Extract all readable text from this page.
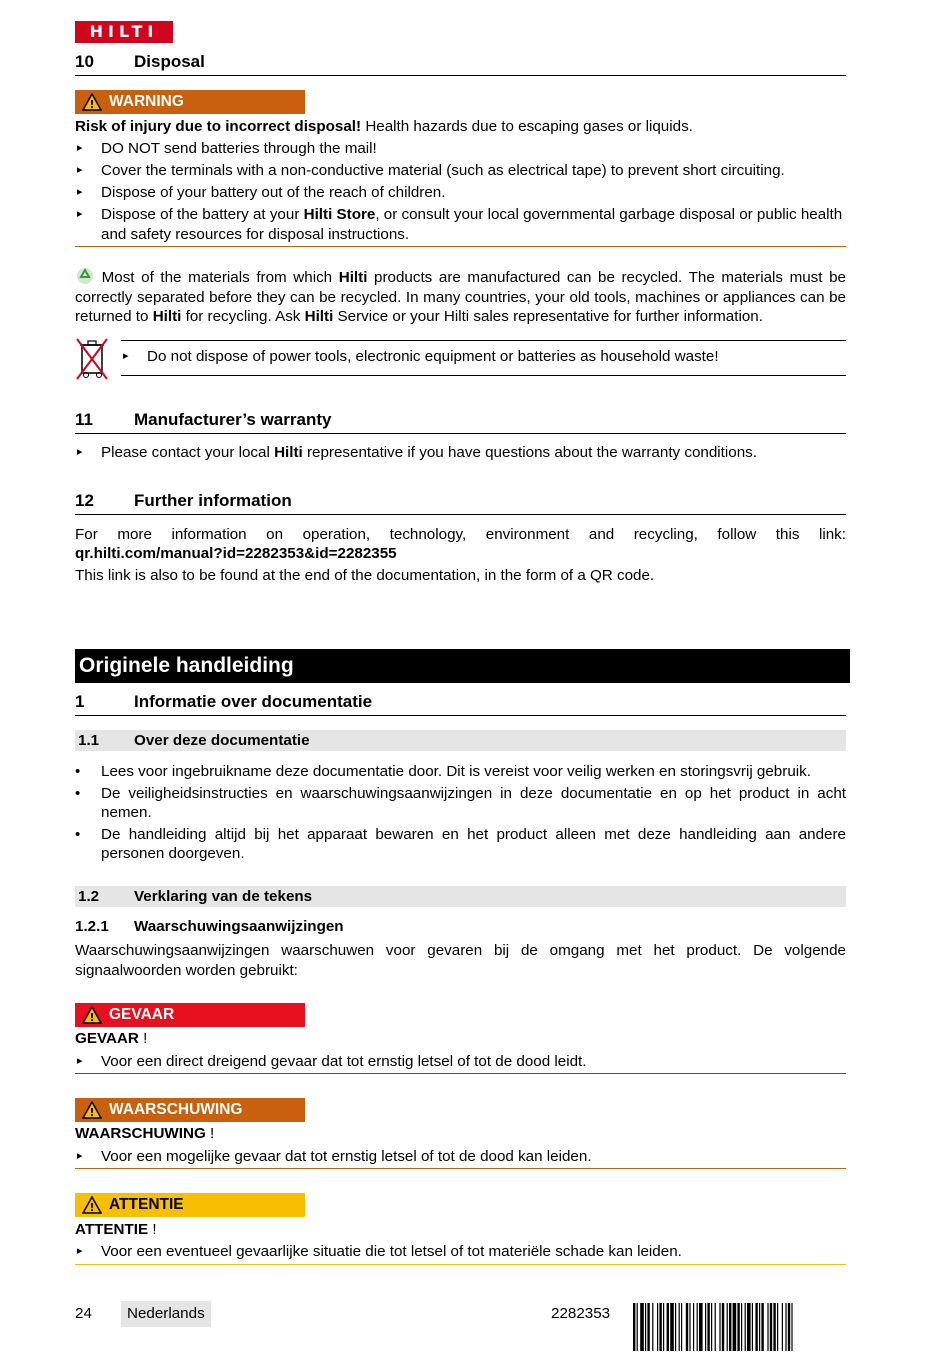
HILTI
10	Disposal
! WARNING

Risk of injury due to incorrect disposal! Health hazards due to escaping gases or liquids.

▸ DO NOT send batteries through the mail!
▸ Cover the terminals with a non-conductive material (such as electrical tape) to prevent short circuiting.
▸ Dispose of your battery out of the reach of children.
▸ Dispose of the battery at your Hilti Store, or consult your local governmental garbage disposal or public health and safety resources for disposal instructions.

Most of the materials from which Hilti products are manufactured can be recycled. The materials must be correctly separated before they can be recycled. In many countries, your old tools, machines or appliances can be returned to Hilti for recycling. Ask Hilti Service or your Hilti sales representative for further information.

▸ Do not dispose of power tools, electronic equipment or batteries as household waste!
11	Manufacturer’s warranty
▸ Please contact your local Hilti representative if you have questions about the warranty conditions.
12	Further information

For more information on operation, technology, environment and recycling, follow this link:

qr.hilti.com/manual?id=2282353&id=2282355

This link is also to be found at the end of the documentation, in the form of a QR code.

Originele handleiding
1	Informatie over documentatie
1.1	Over deze documentatie
• Lees voor ingebruikname deze documentatie door. Dit is vereist voor veilig werken en storingsvrij gebruik.
• De veiligheidsinstructies en waarschuwingsaanwijzingen in deze documentatie en op het product in acht nemen.
• De handleiding altijd bij het apparaat bewaren en het product alleen met deze handleiding aan andere personen doorgeven.
1.2	Verklaring van de tekens
1.2.1	Waarschuwingsaanwijzingen

Waarschuwingsaanwijzingen waarschuwen voor gevaren bij de omgang met het product. De volgende signaalwoorden worden gebruikt:

! GEVAAR

GEVAAR !

▸ Voor een direct dreigend gevaar dat tot ernstig letsel of tot de dood leidt.
! WAARSCHUWING

WAARSCHUWING !

▸ Voor een mogelijke gevaar dat tot ernstig letsel of tot de dood kan leiden.
! ATTENTIE

ATTENTIE !

▸ Voor een eventueel gevaarlijke situatie die tot letsel of tot materiële schade kan leiden.
24	Nederlands	2282353
